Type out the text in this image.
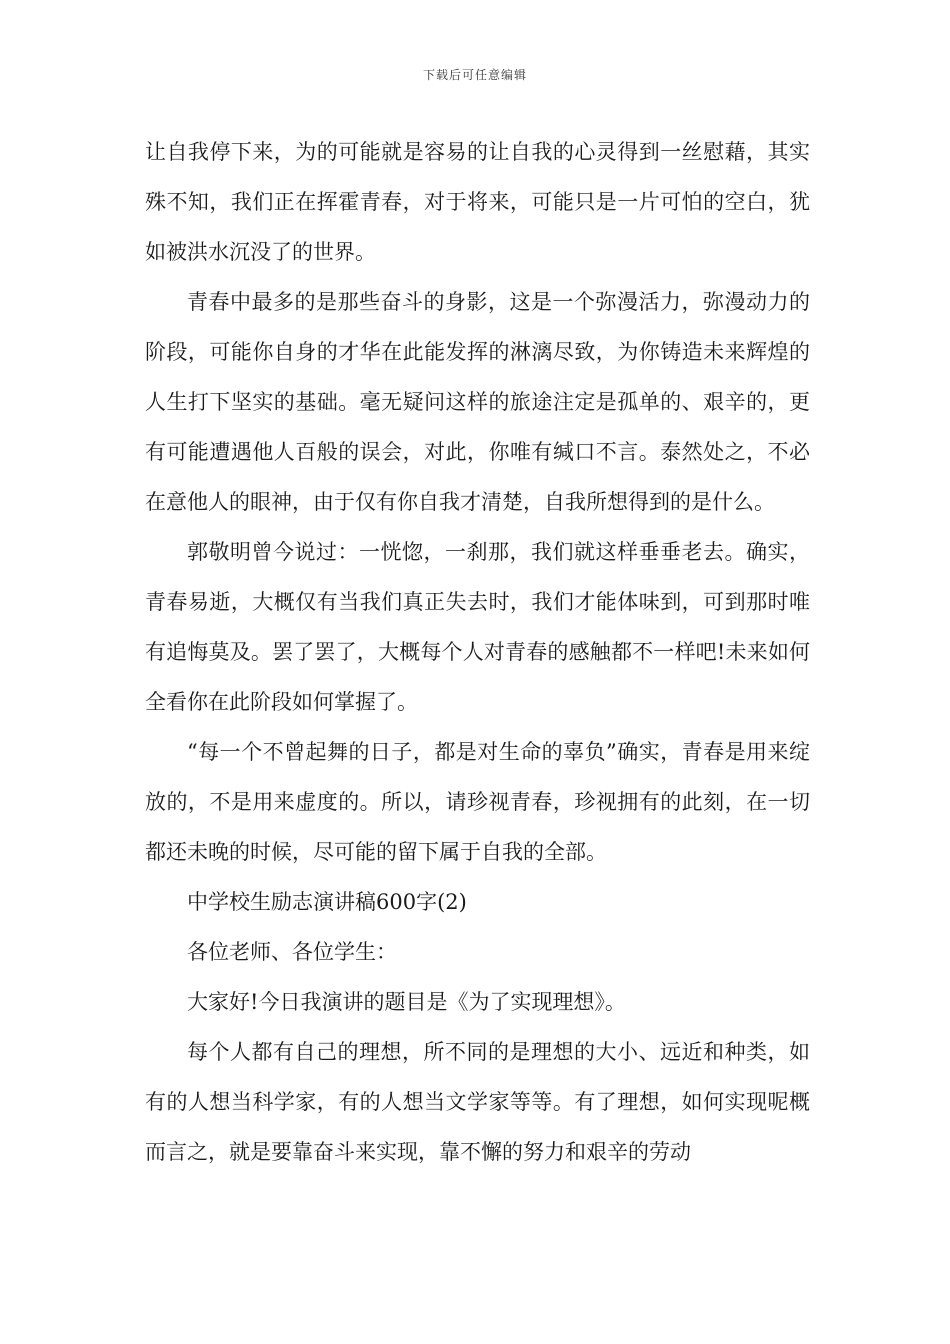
下载后可任意编辑

让自我停下来，为的可能就是容易的让自我的心灵得到一丝慰藉，其实殊不知，我们正在挥霍青春，对于将来，可能只是一片可怕的空白，犹如被洪水沉没了的世界。

青春中最多的是那些奋斗的身影，这是一个弥漫活力，弥漫动力的阶段，可能你自身的才华在此能发挥的淋漓尽致，为你铸造未来辉煌的人生打下坚实的基础。毫无疑问这样的旅途注定是孤单的、艰辛的，更有可能遭遇他人百般的误会，对此，你唯有缄口不言。泰然处之，不必在意他人的眼神，由于仅有你自我才清楚，自我所想得到的是什么。

郭敬明曾今说过：一恍惚，一刹那，我们就这样垂垂老去。确实，青春易逝，大概仅有当我们真正失去时，我们才能体味到，可到那时唯有追悔莫及。罢了罢了，大概每个人对青春的感触都不一样吧!未来如何全看你在此阶段如何掌握了。

“每一个不曾起舞的日子，都是对生命的辜负”确实，青春是用来绽放的，不是用来虚度的。所以，请珍视青春，珍视拥有的此刻，在一切都还未晚的时候，尽可能的留下属于自我的全部。

中学校生励志演讲稿600字(2)

各位老师、各位学生：

大家好!今日我演讲的题目是《为了实现理想》。

每个人都有自己的理想，所不同的是理想的大小、远近和种类，如有的人想当科学家，有的人想当文学家等等。有了理想，如何实现呢概而言之，就是要靠奋斗来实现，靠不懈的努力和艰辛的劳动
